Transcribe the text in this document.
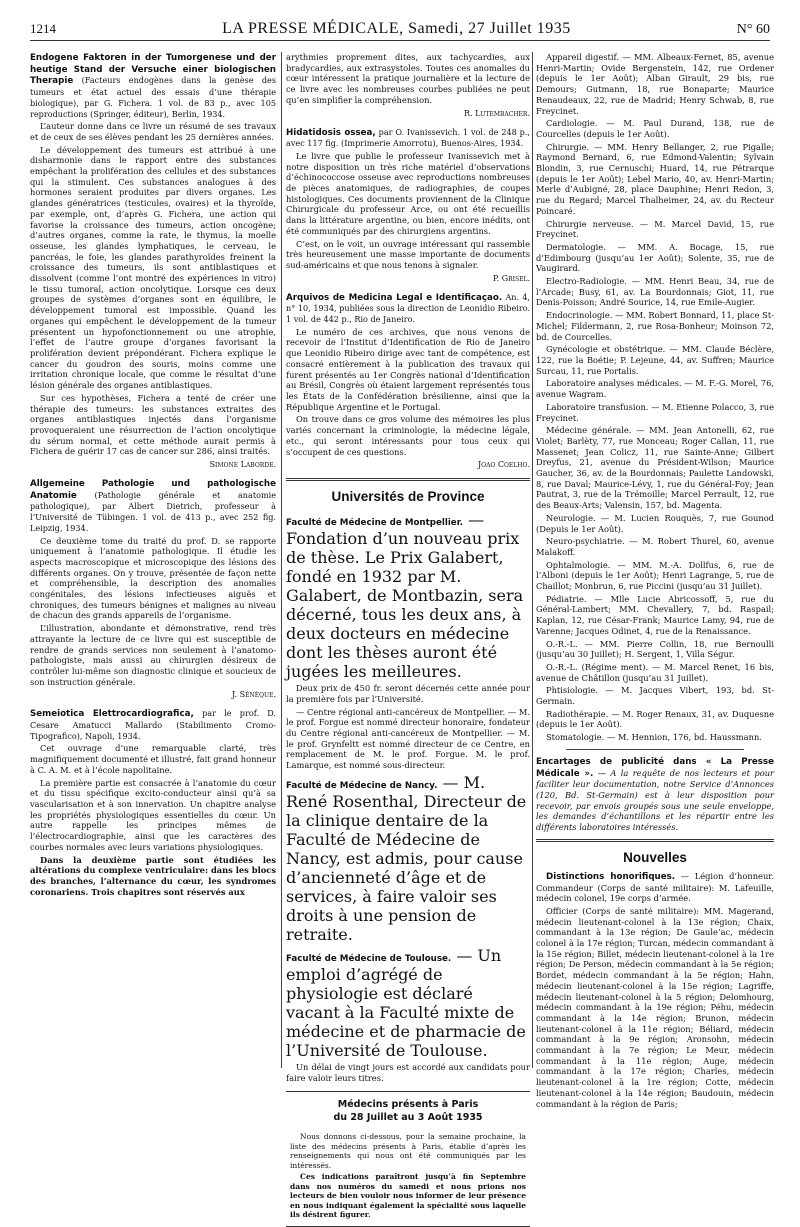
1214	LA PRESSE MÉDICALE, Samedi, 27 Juillet 1935	N° 60

Endogene Faktoren in der Tumorgenese und der heutige Stand der Versuche einer biologischen Therapie (Facteurs endogènes dans la genèse des tumeurs et état actuel des essais d’une thérapie biologique), par G. Fichera. 1 vol. de 83 p., avec 105 reproductions (Springer, éditeur), Berlin, 1934.

L’auteur donne dans ce livre un résumé de ses travaux et de ceux de ses élèves pendant les 25 dernières années.

Le développement des tumeurs est attribué à une disharmonie dans le rapport entre des substances empêchant la prolifération des cellules et des substances qui la stimulent. Ces substances analogues à des hormones seraient produites par divers organes. Les glandes génératrices (testicules, ovaires) et la thyroïde, par exemple, ont, d’après G. Fichera, une action qui favorise la croissance des tumeurs, action oncogène; d’autres organes, comme la rate, le thymus, la moelle osseuse, les glandes lymphatiques, le cerveau, le pancréas, le foie, les glandes parathyroïdes freinent la croissance des tumeurs, ils sont antiblastiques et dissolvent (comme l’ont montré des expériences in vitro) le tissu tumoral, action oncolytique. Lorsque ces deux groupes de systèmes d’organes sont en équilibre, le développement tumoral est impossible. Quand les organes qui empêchent le développement de la tumeur présentent un hypofonctionnement ou une atrophie, l’effet de l’autre groupe d’organes favorisant la prolifération devient prépondérant. Fichera explique le cancer du goudron des souris, moins comme une irritation chronique locale, que comme le résultat d’une lésion générale des organes antiblastiques.

Sur ces hypothèses, Fichera a tenté de créer une thérapie des tumeurs: les substances extraites des organes antiblastiques injectés dans l’organisme provoqueraient une résurrection de l’action oncolytique du sérum normal, et cette méthode aurait permis à Fichera de guérir 17 cas de cancer sur 286, ainsi traités.

Simone Laborde.

Allgemeine Pathologie und pathologische Anatomie (Pathologie générale et anatomie pathologique), par Albert Dietrich, professeur à l’Université de Tübingen. 1 vol. de 413 p., avec 252 fig. Leipzig, 1934.

Ce deuxième tome du traité du prof. D. se rapporte uniquement à l’anatomie pathologique. Il étudie les aspects macroscopique et microscopique des lésions des différents organes. On y trouve, présentée de façon nette et compréhensible, la description des anomalies congénitales, des lésions infectieuses aiguës et chroniques, des tumeurs bénignes et malignes au niveau de chacun des grands appareils de l’organisme.

L’illustration, abondante et démonstrative, rend très attrayante la lecture de ce livre qui est susceptible de rendre de grands services non seulement à l’anatomo-pathologiste, mais aussi au chirurgien désireux de contrôler lui-même son diagnostic clinique et soucieux de son instruction générale.

J. Sénèque.

Semeiotica Elettrocardiografica, par le prof. D. Cesare Amatucci Mallardo (Stabilimento Cromo-Tipografico), Napoli, 1934.

Cet ouvrage d’une remarquable clarté, très magnifiquement documenté et illustré, fait grand honneur à C. A. M. et à l’école napolitaine.

La première partie est consacrée à l’anatomie du cœur et du tissu spécifique excito-conducteur ainsi qu’à sa vascularisation et à son innervation. Un chapitre analyse les propriétés physiologiques essentielles du cœur. Un autre rappelle les principes mêmes de l’électrocardiographie, ainsi que les caractères des courbes normales avec leurs variations physiologiques.

Dans la deuxième partie sont étudiées les altérations du complexe ventriculaire: dans les blocs des branches, l’alternance du cœur, les syndromes coronariens. Trois chapitres sont réservés aux

arythmies proprement dites, aux tachycardies, aux bradycardies, aux extrasystoles. Toutes ces anomalies du cœur intéressent la pratique journalière et la lecture de ce livre avec les nombreuses courbes publiées ne peut qu’en simplifier la compréhension.

R. Lutembacher.

Hidatidosis ossea, par O. Ivanissevich. 1 vol. de 248 p., avec 117 fig. (Imprimerie Amorrotu), Buenos-Aires, 1934.

Le livre que publie le professeur Ivanissevich met à notre disposition un très riche matériel d’observations d’échinococcose osseuse avec reproductions nombreuses de pièces anatomiques, de radiographies, de coupes histologiques. Ces documents proviennent de la Clinique Chirurgicale du professeur Arce, ou ont été recueillis dans la littérature argentine, ou bien, encore inédits, ont été communiqués par des chirurgiens argentins.

C’est, on le voit, un ouvrage intéressant qui rassemble très heureusement une masse importante de documents sud-américains et que nous tenons à signaler.

P. Grisel.

Arquivos de Medicina Legal e Identificaçao. An. 4, n° 10, 1934, publiées sous la direction de Leonidio Ribeiro. 1 vol. de 442 p., Rio de Janeiro.

Le numéro de ces archives, que nous venons de recevoir de l’Institut d’Identification de Rio de Janeiro que Leonidio Ribeiro dirige avec tant de compétence, est consacré entièrement à la publication des travaux qui furent présentés au 1er Congrès national d’Identification au Brésil, Congrès où étaient largement représentés tous les États de la Confédération brésilienne, ainsi que la République Argentine et le Portugal.

On trouve dans ce gros volume des mémoires les plus variés concernant la criminologie, la médecine légale, etc., qui seront intéressants pour tous ceux qui s’occupent de ces questions.

Joao Coelho.
Universités de Province

Faculté de Médecine de Montpellier. — Fondation d’un nouveau prix de thèse. Le Prix Galabert, fondé en 1932 par M. Galabert, de Montbazin, sera décerné, tous les deux ans, à deux docteurs en médecine dont les thèses auront été jugées les meilleures.

Deux prix de 450 fr. seront décernés cette année pour la première fois par l’Université.

— Centre régional anti-cancéreux de Montpellier. — M. le prof. Forgue est nommé directeur honoraire, fondateur du Centre régional anti-cancéreux de Montpellier. — M. le prof. Grynfeltt est nommé directeur de ce Centre, en remplacement de M. le prof. Forgue. M. le prof. Lamarque, est nommé sous-directeur.

Faculté de Médecine de Nancy. — M. René Rosenthal, Directeur de la clinique dentaire de la Faculté de Médecine de Nancy, est admis, pour cause d’ancienneté d’âge et de services, à faire valoir ses droits à une pension de retraite.

Faculté de Médecine de Toulouse. — Un emploi d’agrégé de physiologie est déclaré vacant à la Faculté mixte de médecine et de pharmacie de l’Université de Toulouse.

Un délai de vingt jours est accordé aux candidats pour faire valoir leurs titres.

Médecins présents à Paris
du 28 Juillet au 3 Août 1935

Nous donnons ci-dessous, pour la semaine prochaine, la liste des médecins présents à Paris, établie d’après les renseignements qui nous ont été communiqués par les intéressés.

Ces indications paraîtront jusqu’à fin Septembre dans nos numéros du samedi et nous prions nos lecteurs de bien vouloir nous informer de leur présence en nous indiquant également la spécialité sous laquelle ils désirent figurer.

Appareil digestif. — MM. Albeaux-Fernet, 85, avenue Henri-Martin; Ovide Bergenstein, 142, rue Ordener (depuis le 1er Août); Alban Girault, 29 bis, rue Demours; Gutmann, 18, rue Bonaparte; Maurice Renaudeaux, 22, rue de Madrid; Henry Schwab, 8, rue Freycinet.

Cardiologie. — M. Paul Durand, 138, rue de Courcelles (depuis le 1er Août).

Chirurgie. — MM. Henry Bellanger, 2, rue Pigalle; Raymond Bernard, 6, rue Edmond-Valentin; Sylvain Blondin, 3, rue Cernuschi; Huard, 14, rue Pétrarque (depuis le 1er Août); Lebel Mario, 40, av. Henri-Martin; Merle d’Aubigné, 28, place Dauphine; Henri Redon, 3, rue du Regard; Marcel Thalheimer, 24, av. du Recteur Poincaré.

Chirurgie nerveuse. — M. Marcel David, 15, rue Freycinet.

Dermatologie. — MM. A. Bocage, 15, rue d’Edimbourg (jusqu’au 1er Août); Solente, 35, rue de Vaugirard.

Electro-Radiologie. — MM. Henri Beau, 34, rue de l’Arcade; Busy, 61, av. La Bourdonnais; Giot, 11, rue Denis-Poisson; André Sourice, 14, rue Emile-Augier.

Endocrinologie. — MM. Robert Bonnard, 11, place St-Michel; Fildermann, 2, rue Rosa-Bonheur; Moinson 72, bd. de Courcelles.

Gynécologie et obstétrique. — MM. Claude Béclère, 122, rue la Boétie; P. Lejeune, 44, av. Suffren; Maurice Surcau, 11, rue Portalis.

Laboratoire analyses médicales. — M. F.-G. Morel, 76, avenue Wagram.

Laboratoire transfusion. — M. Etienne Polacco, 3, rue Freycinet.

Médecine générale. — MM. Jean Antonelli, 62, rue Violet; Barlèty, 77, rue Monceau; Roger Callan, 11, rue Massenet; Jean Colicz, 11, rue Sainte-Anne; Gilbert Dreyfus, 21, avenue du Président-Wilson; Maurice Gaucher, 36, av. de la Bourdonnais; Paulette Landowski, 8, rue Daval; Maurice-Lévy, 1, rue du Général-Foy; Jean Pautrat, 3, rue de la Trémoille; Marcel Perrault, 12, rue des Beaux-Arts; Valensin, 157, bd. Magenta.

Neurologie. — M. Lucien Rouquès, 7, rue Gounod (Depuis le 1er Août).

Neuro-psychiatrie. — M. Robert Thurel, 60, avenue Malakoff.

Ophtalmologie. — MM. M.-A. Dollfus, 6, rue de l’Alboni (depuis le 1er Août); Henri Lagrange, 5, rue de Chaillot; Monbrun, 6, rue Piccini (jusqu’au 31 Juillet).

Pédiatrie. — Mlle Lucie Abricossoff, 5, rue du Général-Lambert; MM. Chevallery, 7, bd. Raspail; Kaplan, 12, rue César-Frank; Maurice Lamy, 94, rue de Varenne; Jacques Odinet, 4, rue de la Renaissance.

O.-R.-L. — MM. Pierre Collin, 18, rue Bernoulli (jusqu’au 30 Juillet); H. Sergent, 1, Villa Ségur.

O.-R.-L. (Régime ment). — M. Marcel Renet, 16 bis, avenue de Châtillon (jusqu’au 31 Juillet).

Phtisiologie. — M. Jacques Vibert, 193, bd. St-Germain.

Radiothérapie. — M. Roger Renaux, 31, av. Duquesne (depuis le 1er Août).

Stomatologie. — M. Hennion, 176, bd. Haussmann.

Encartages de publicité dans « La Presse Médicale ». — A la requête de nos lecteurs et pour faciliter leur documentation, notre Service d’Annonces (120, Bd. St-Germain) est à leur disposition pour recevoir, par envois groupés sous une seule enveloppe, les demandes d’échantillons et les répartir entre les différents laboratoires intéressés.

Nouvelles

Distinctions honorifiques. — Légion d’honneur. Commandeur (Corps de santé militaire): M. Lafeuille, médecin colonel, 19e corps d’armée.

Officier (Corps de santé militaire): MM. Magerand, médecin lieutenant-colonel à la 13e région; Chaix, commandant à la 13e région; De Gaule’ac, médecin colonel à la 17e région; Turcan, médecin commandant à la 15e région; Billet, médecin lieutenant-colonel à la 1re région; De Person, médecin commandant à la 5e région; Bordet, médecin commandant à la 5e région; Hahn, médecin lieutenant-colonel à la 15e région; Lagriffe, médecin lieutenant-colonel à la 5 région; Delomhourg, médecin commandant à la 19e région; Péhu, médecin commandant à la 14e région; Brunon, médecin lieutenant-colonel à la 11e région; Béliard, médecin commandant à la 9e région; Aronsohn, médecin commandant à la 7e région; Le Meur, médecin commandant à la 11e région; Auge, médecin commandant à la 17e région; Charles, médecin lieutenant-colonel à la 1re région; Cotte, médecin lieutenant-colonel à la 14e région; Baudouin, médecin commandant à la région de Paris;
